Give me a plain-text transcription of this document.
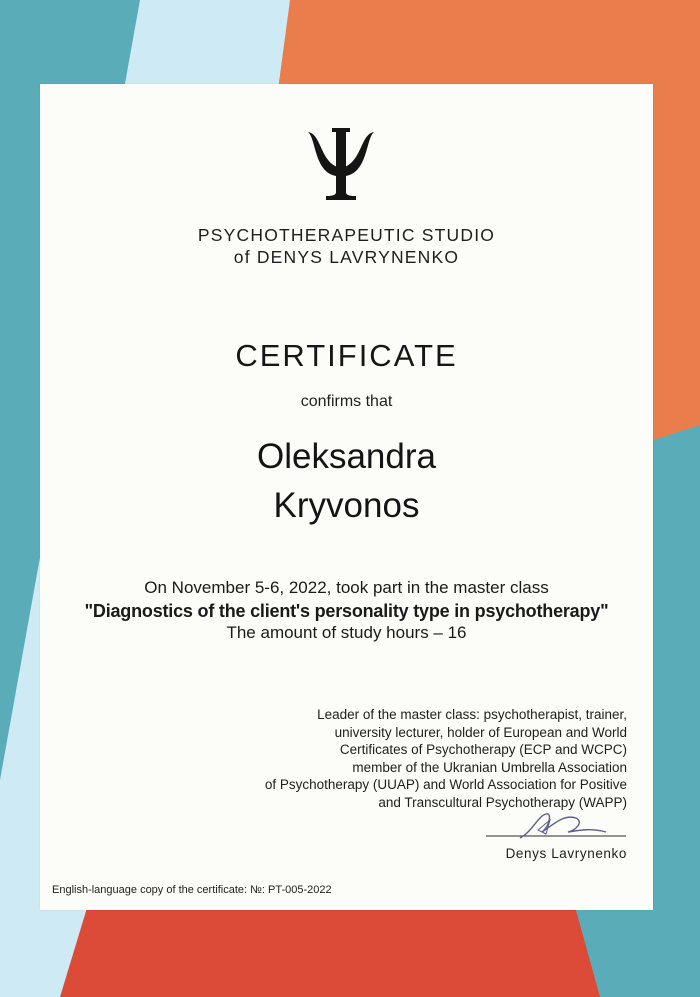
PSYCHOTHERAPEUTIC STUDIO
of DENYS LAVRYNENKO
CERTIFICATE
confirms that
Oleksandra
Kryvonos
On November 5-6, 2022, took part in the master class
"Diagnostics of the client's personality type in psychotherapy"
The amount of study hours – 16
Leader of the master class: psychotherapist, trainer,
university lecturer, holder of European and World
Certificates of Psychotherapy (ECP and WCPC)
member of the Ukranian Umbrella Association
of Psychotherapy (UUAP) and World Association for Positive
and Transcultural Psychotherapy (WAPP)
Denys Lavrynenko
English-language copy of the certificate: №: PT-005-2022
